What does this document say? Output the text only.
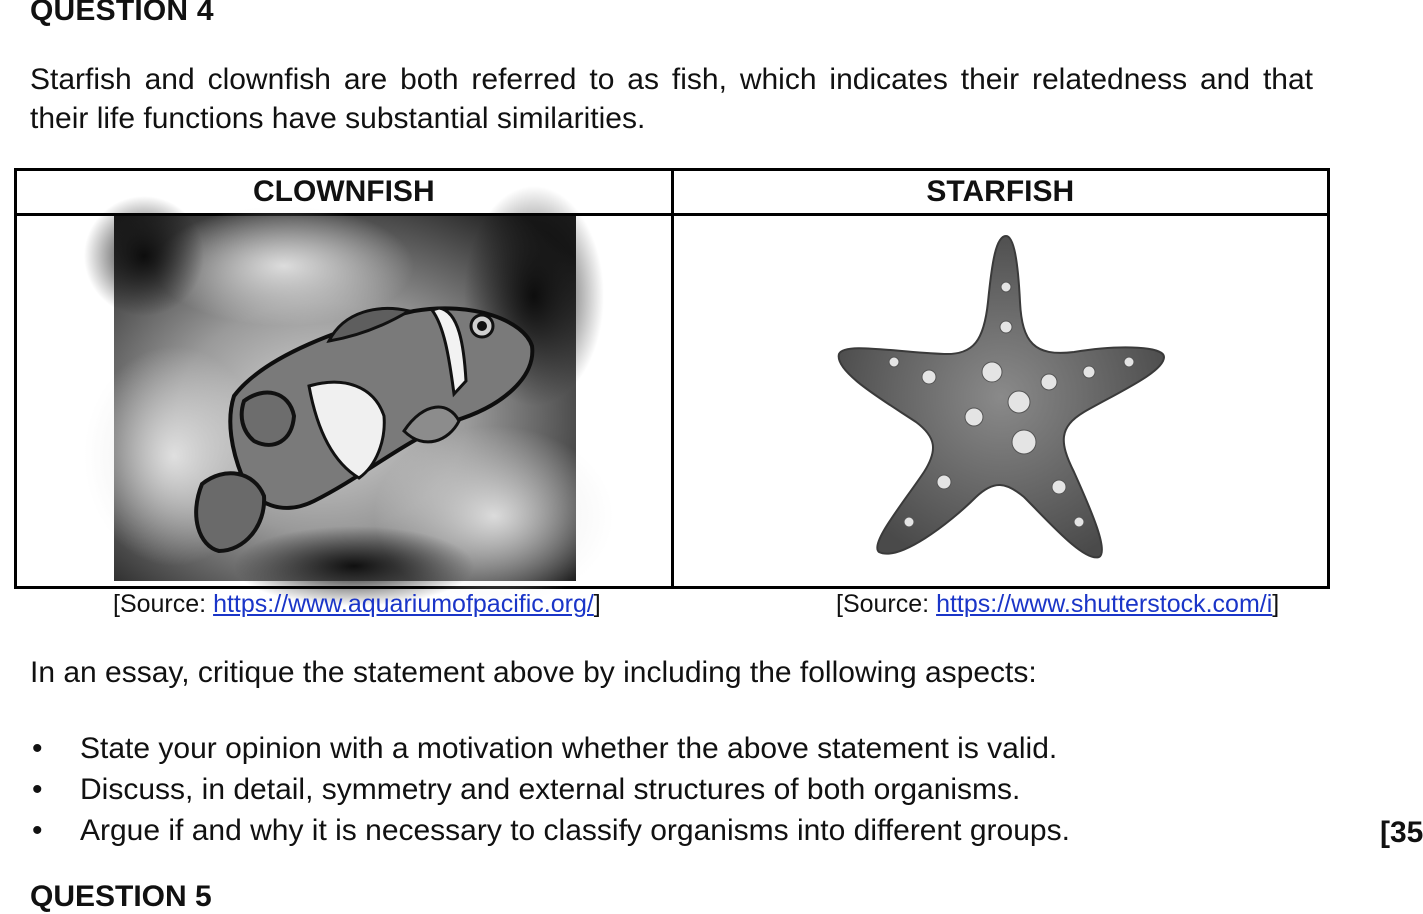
QUESTION 4
Starfish and clownfish are both referred to as fish, which indicates their relatedness and that their life functions have substantial similarities.
CLOWNFISH	STARFISH

[Source: https://www.aquariumofpacific.org/]	[Source: https://www.shutterstock.com/i]
In an essay, critique the statement above by including the following aspects:
• State your opinion with a motivation whether the above statement is valid.
• Discuss, in detail, symmetry and external structures of both organisms.
• Argue if and why it is necessary to classify organisms into different groups.	[35
QUESTION 5
